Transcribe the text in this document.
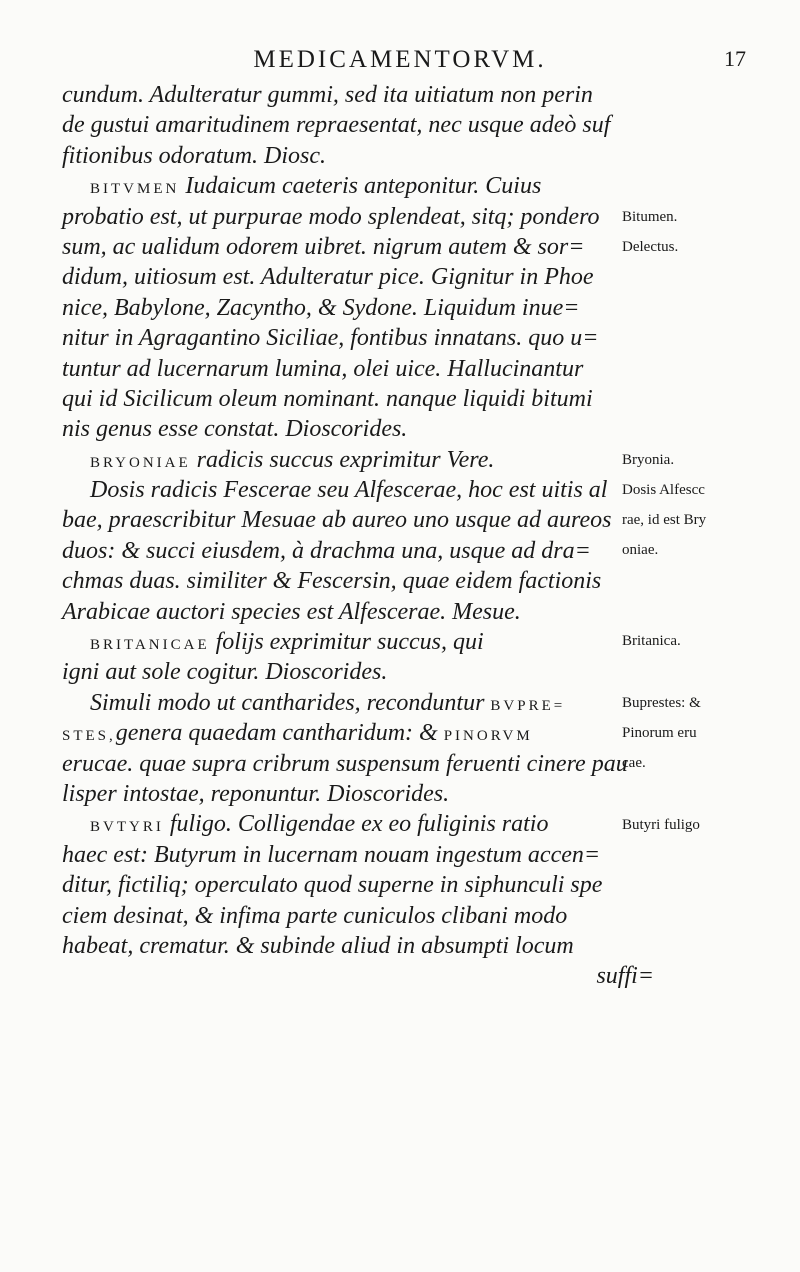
MEDICAMENTORVM.	17
cundum. Adulteratur gummi, sed ita uitiatum non perin
de gustui amaritudinem repraesentat, nec usque adeò suf
fitionibus odoratum. Diosc.
BITVMEN Iudaicum caeteris anteponitur. Cuius
probatio est, ut purpurae modo splendeat, sitq; pondero
sum, ac ualidum odorem uibret. nigrum autem & sor=
didum, uitiosum est. Adulteratur pice. Gignitur in Phoe
nice, Babylone, Zacyntho, & Sydone. Liquidum inue=
nitur in Agragantino Siciliae, fontibus innatans. quo u=
tuntur ad lucernarum lumina, olei uice. Hallucinantur
qui id Sicilicum oleum nominant. nanque liquidi bitumi
nis genus esse constat. Dioscorides.
BRYONIAE radicis succus exprimitur Vere.
Dosis radicis Fescerae seu Alfescerae, hoc est uitis al
bae, praescribitur Mesuae ab aureo uno usque ad aureos
duos: & succi eiusdem, à drachma una, usque ad dra=
chmas duas. similiter & Fescersin, quae eidem factionis
Arabicae auctori species est Alfescerae. Mesue.
BRITANICAE folijs exprimitur succus, qui
igni aut sole cogitur. Dioscorides.
Simuli modo ut cantharides, reconduntur BVPRE=
STES,genera quaedam cantharidum: & PINORVM
erucae. quae supra cribrum suspensum feruenti cinere pau
lisper intostae, reponuntur. Dioscorides.
BVTYRI fuligo. Colligendae ex eo fuliginis ratio
haec est: Butyrum in lucernam nouam ingestum accen=
ditur, fictiliq; operculato quod superne in siphunculi spe
ciem desinat, & infima parte cuniculos clibani modo
habeat, crematur. & subinde aliud in absumpti locum
suffi=
Bitumen.
Delectus.
Bryonia.
Dosis Alfescc
rae, id est Bry
oniae.
Britanica.
Buprestes: &
Pinorum eru
cae.
Butyri fuligo
